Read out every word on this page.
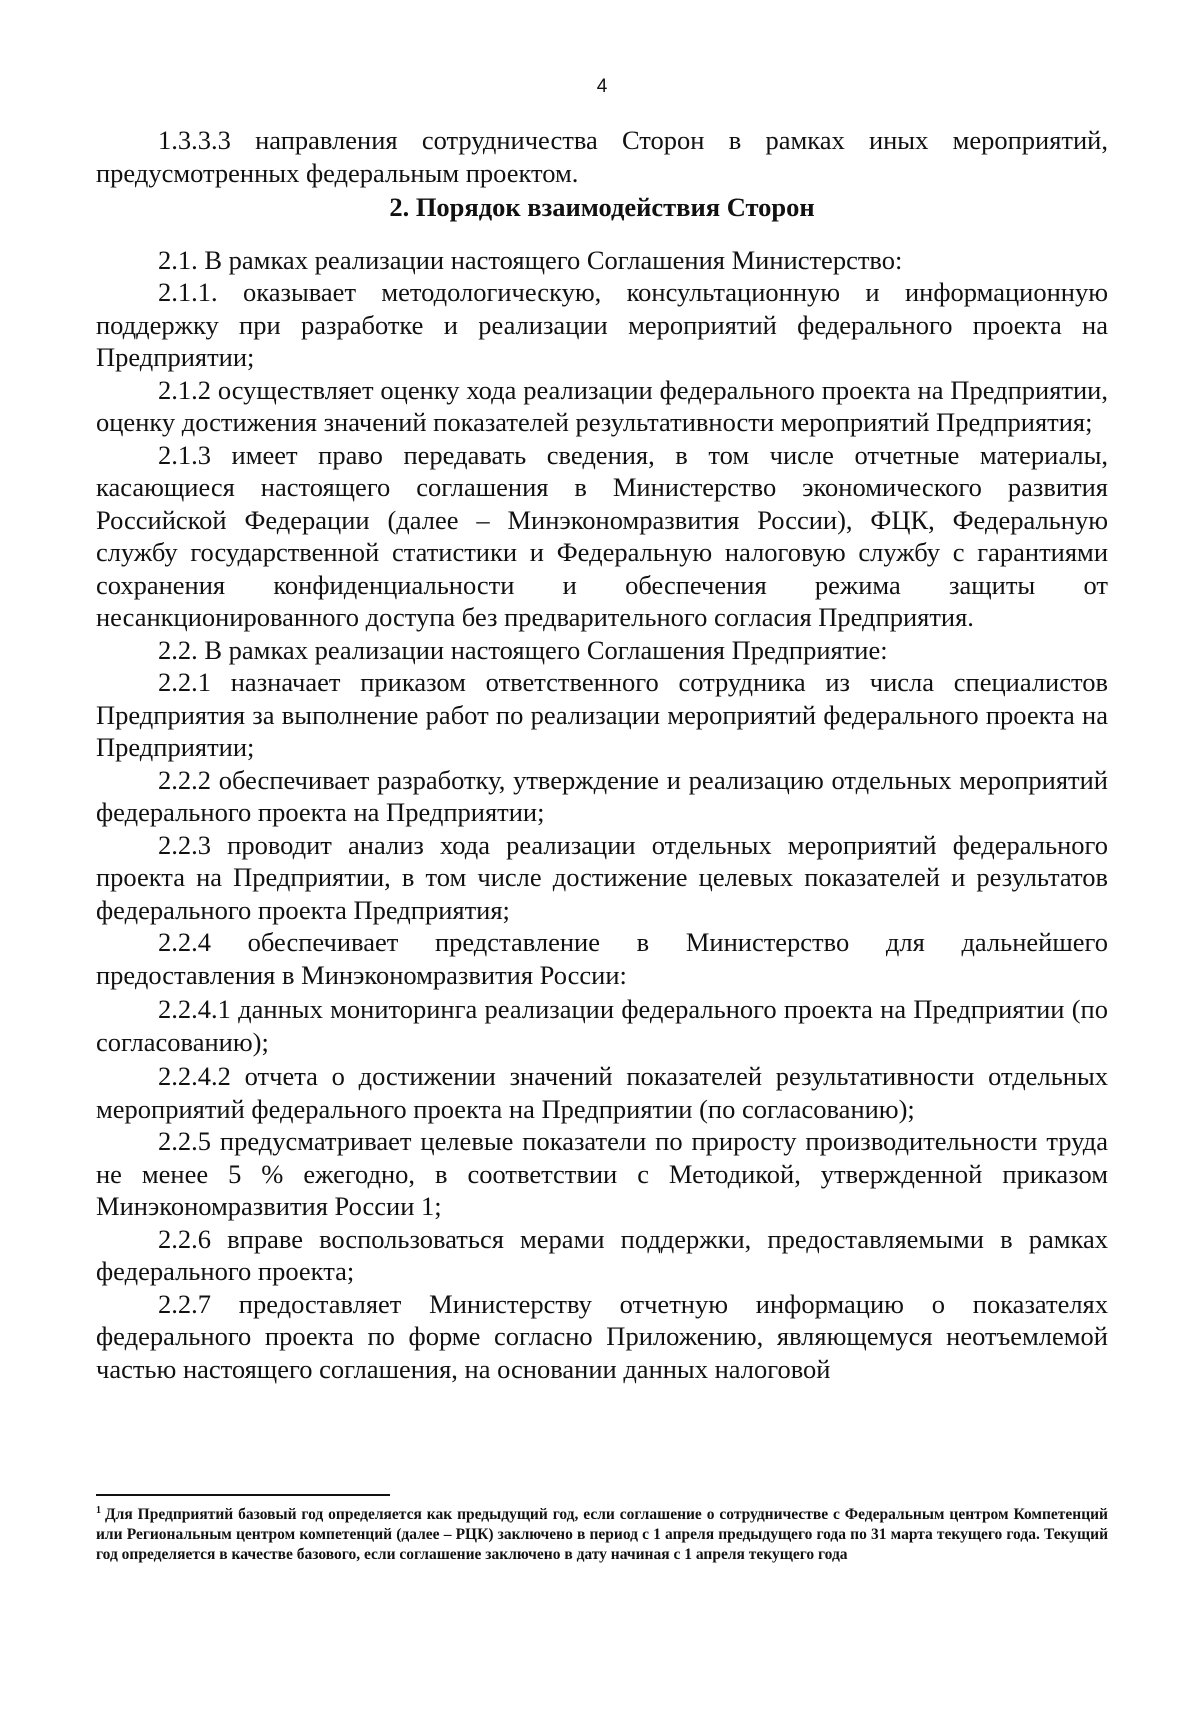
4

1.3.3.3 направления сотрудничества Сторон в рамках иных мероприятий, предусмотренных федеральным проектом.

2. Порядок взаимодействия Сторон

2.1. В рамках реализации настоящего Соглашения Министерство:

2.1.1. оказывает методологическую, консультационную и информационную поддержку при разработке и реализации мероприятий федерального проекта на Предприятии;

2.1.2 осуществляет оценку хода реализации федерального проекта на Предприятии, оценку достижения значений показателей результативности мероприятий Предприятия;

2.1.3 имеет право передавать сведения, в том числе отчетные материалы, касающиеся настоящего соглашения в Министерство экономического развития Российской Федерации (далее – Минэкономразвития России), ФЦК, Федеральную службу государственной статистики и Федеральную налоговую службу с гарантиями сохранения конфиденциальности и обеспечения режима защиты от несанкционированного доступа без предварительного согласия Предприятия.

2.2. В рамках реализации настоящего Соглашения Предприятие:

2.2.1 назначает приказом ответственного сотрудника из числа специалистов Предприятия за выполнение работ по реализации мероприятий федерального проекта на Предприятии;

2.2.2 обеспечивает разработку, утверждение и реализацию отдельных мероприятий федерального проекта на Предприятии;

2.2.3 проводит анализ хода реализации отдельных мероприятий федерального проекта на Предприятии, в том числе достижение целевых показателей и результатов федерального проекта Предприятия;

2.2.4 обеспечивает представление в Министерство для дальнейшего предоставления в Минэкономразвития России:

2.2.4.1 данных мониторинга реализации федерального проекта на Предприятии (по согласованию);

2.2.4.2 отчета о достижении значений показателей результативности отдельных мероприятий федерального проекта на Предприятии (по согласованию);

2.2.5 предусматривает целевые показатели по приросту производительности труда не менее 5 % ежегодно, в соответствии с Методикой, утвержденной приказом Минэкономразвития России 1;

2.2.6 вправе воспользоваться мерами поддержки, предоставляемыми в рамках федерального проекта;

2.2.7 предоставляет Министерству отчетную информацию о показателях федерального проекта по форме согласно Приложению, являющемуся неотъемлемой частью настоящего соглашения, на основании данных налоговой

$^1$ Для Предприятий базовый год определяется как предыдущий год, если соглашение о сотрудничестве с Федеральным центром Компетенций или Региональным центром компетенций (далее – РЦК) заключено в период с 1 апреля предыдущего года по 31 марта текущего года. Текущий год определяется в качестве базового, если соглашение заключено в дату начиная с 1 апреля текущего года
